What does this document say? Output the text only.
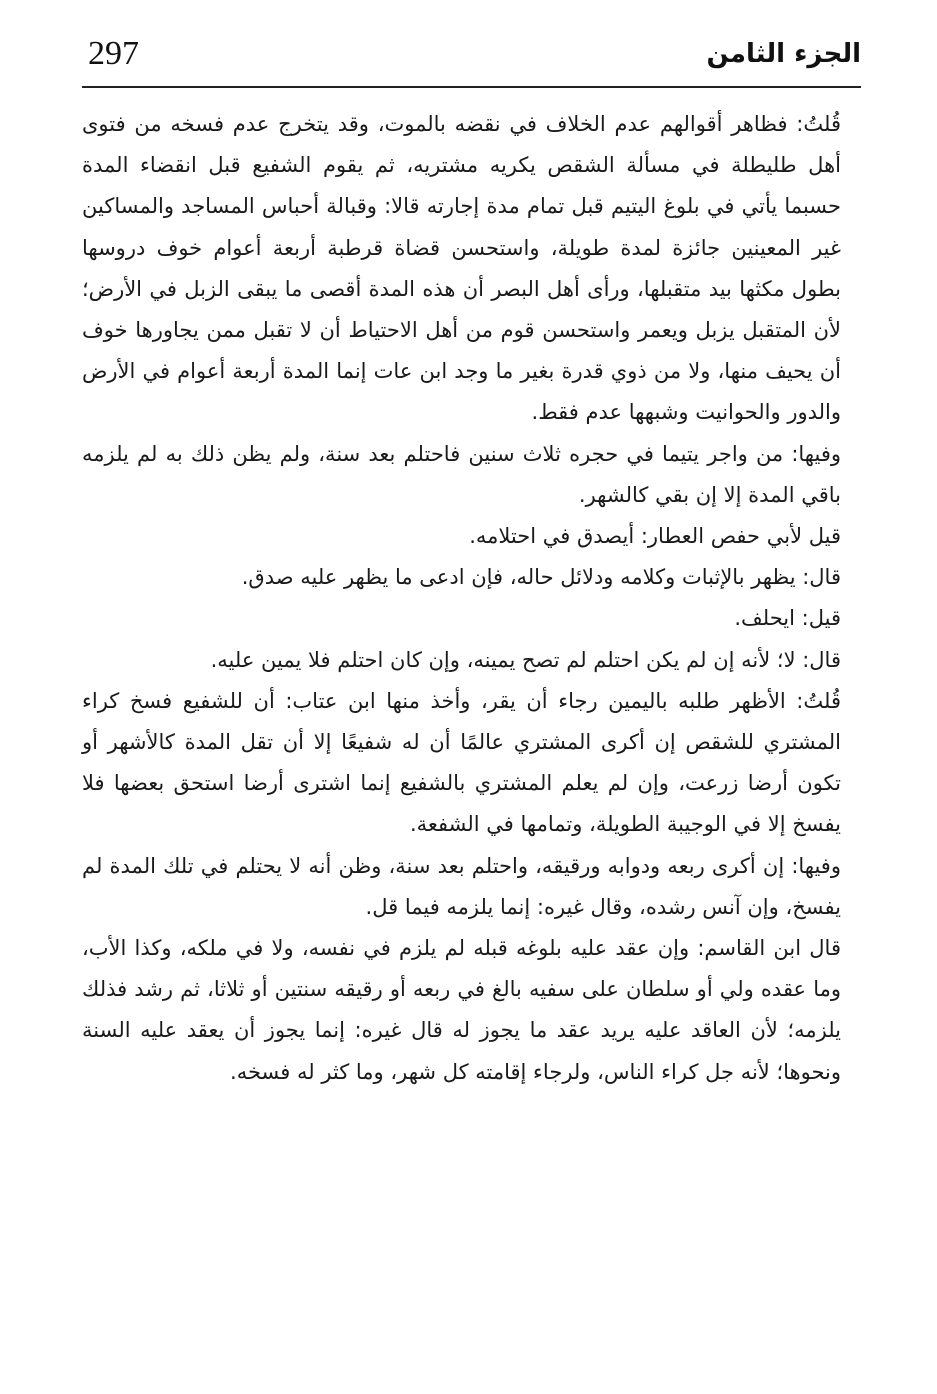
297	الجزء الثامن

قُلتُ: فظاهر أقوالهم عدم الخلاف في نقضه بالموت، وقد يتخرج عدم فسخه من فتوى أهل طليطلة في مسألة الشقص يكريه مشتريه، ثم يقوم الشفيع قبل انقضاء المدة حسبما يأتي في بلوغ اليتيم قبل تمام مدة إجارته قالا: وقبالة أحباس المساجد والمساكين غير المعينين جائزة لمدة طويلة، واستحسن قضاة قرطبة أربعة أعوام خوف دروسها بطول مكثها بيد متقبلها، ورأى أهل البصر أن هذه المدة أقصى ما يبقى الزبل في الأرض؛ لأن المتقبل يزبل ويعمر واستحسن قوم من أهل الاحتياط أن لا تقبل ممن يجاورها خوف أن يحيف منها، ولا من ذوي قدرة بغير ما وجد ابن عات إنما المدة أربعة أعوام في الأرض والدور والحوانيت وشبهها عدم فقط.

وفيها: من واجر يتيما في حجره ثلاث سنين فاحتلم بعد سنة، ولم يظن ذلك به لم يلزمه باقي المدة إلا إن بقي كالشهر.

قيل لأبي حفص العطار: أيصدق في احتلامه.

قال: يظهر بالإثبات وكلامه ودلائل حاله، فإن ادعى ما يظهر عليه صدق.

قيل: ايحلف.

قال: لا؛ لأنه إن لم يكن احتلم لم تصح يمينه، وإن كان احتلم فلا يمين عليه.

قُلتُ: الأظهر طلبه باليمين رجاء أن يقر، وأخذ منها ابن عتاب: أن للشفيع فسخ كراء المشتري للشقص إن أكرى المشتري عالمًا أن له شفيعًا إلا أن تقل المدة كالأشهر أو تكون أرضا زرعت، وإن لم يعلم المشتري بالشفيع إنما اشترى أرضا استحق بعضها فلا يفسخ إلا في الوجيبة الطويلة، وتمامها في الشفعة.

وفيها: إن أكرى ربعه ودوابه ورقيقه، واحتلم بعد سنة، وظن أنه لا يحتلم في تلك المدة لم يفسخ، وإن آنس رشده، وقال غيره: إنما يلزمه فيما قل.

قال ابن القاسم: وإن عقد عليه بلوغه قبله لم يلزم في نفسه، ولا في ملكه، وكذا الأب، وما عقده ولي أو سلطان على سفيه بالغ في ربعه أو رقيقه سنتين أو ثلاثا، ثم رشد فذلك يلزمه؛ لأن العاقد عليه يريد عقد ما يجوز له قال غيره: إنما يجوز أن يعقد عليه السنة ونحوها؛ لأنه جل كراء الناس، ولرجاء إقامته كل شهر، وما كثر له فسخه.
